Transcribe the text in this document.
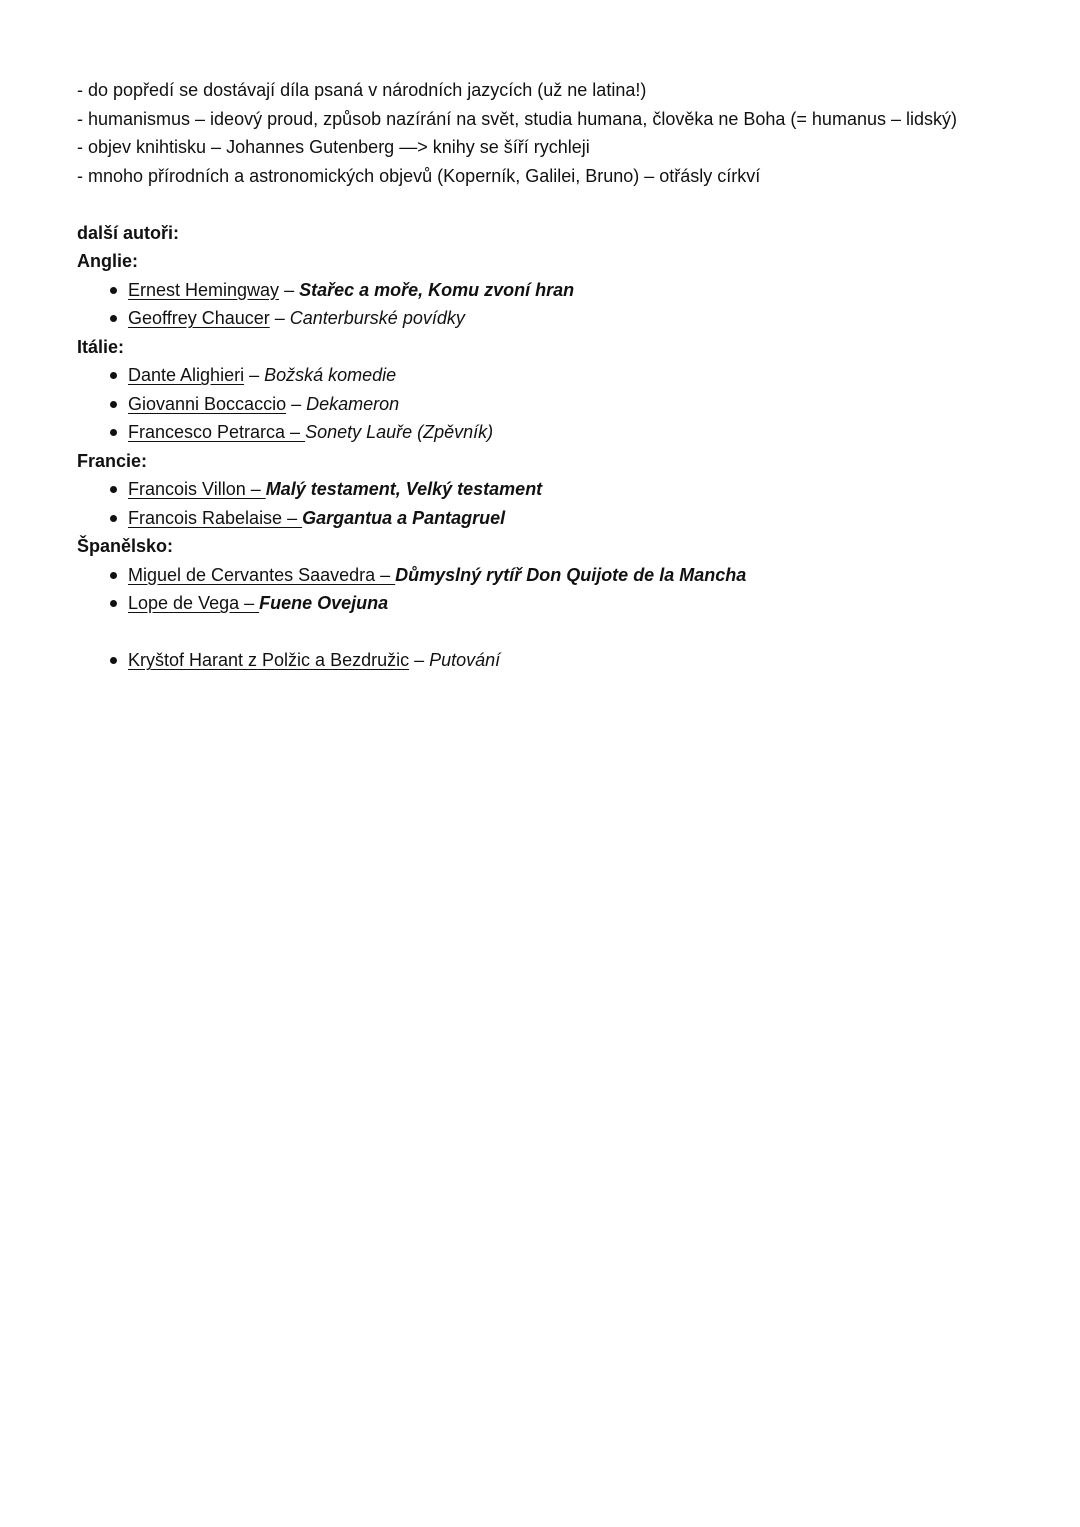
- do popředí se dostávají díla psaná v národních jazycích (už ne latina!)
- humanismus – ideový proud, způsob nazírání na svět, studia humana, člověka ne Boha (= humanus – lidský)
- objev knihtisku – Johannes Gutenberg —> knihy se šíří rychleji
- mnoho přírodních a astronomických objevů (Koperník, Galilei, Bruno) – otřásly církví
další autoři:
Anglie:
Ernest Hemingway – Stařec a moře, Komu zvoní hran
Geoffrey Chaucer – Canterburské povídky
Itálie:
Dante Alighieri – Božská komedie
Giovanni Boccaccio – Dekameron
Francesco Petrarca – Sonety Lauře (Zpěvník)
Francie:
Francois Villon – Malý testament, Velký testament
Francois Rabelaise – Gargantua a Pantagruel
Španělsko:
Miguel de Cervantes Saavedra – Důmyslný rytíř Don Quijote de la Mancha
Lope de Vega – Fuene Ovejuna
Kryštof Harant z Polžic a Bezdružic – Putování
